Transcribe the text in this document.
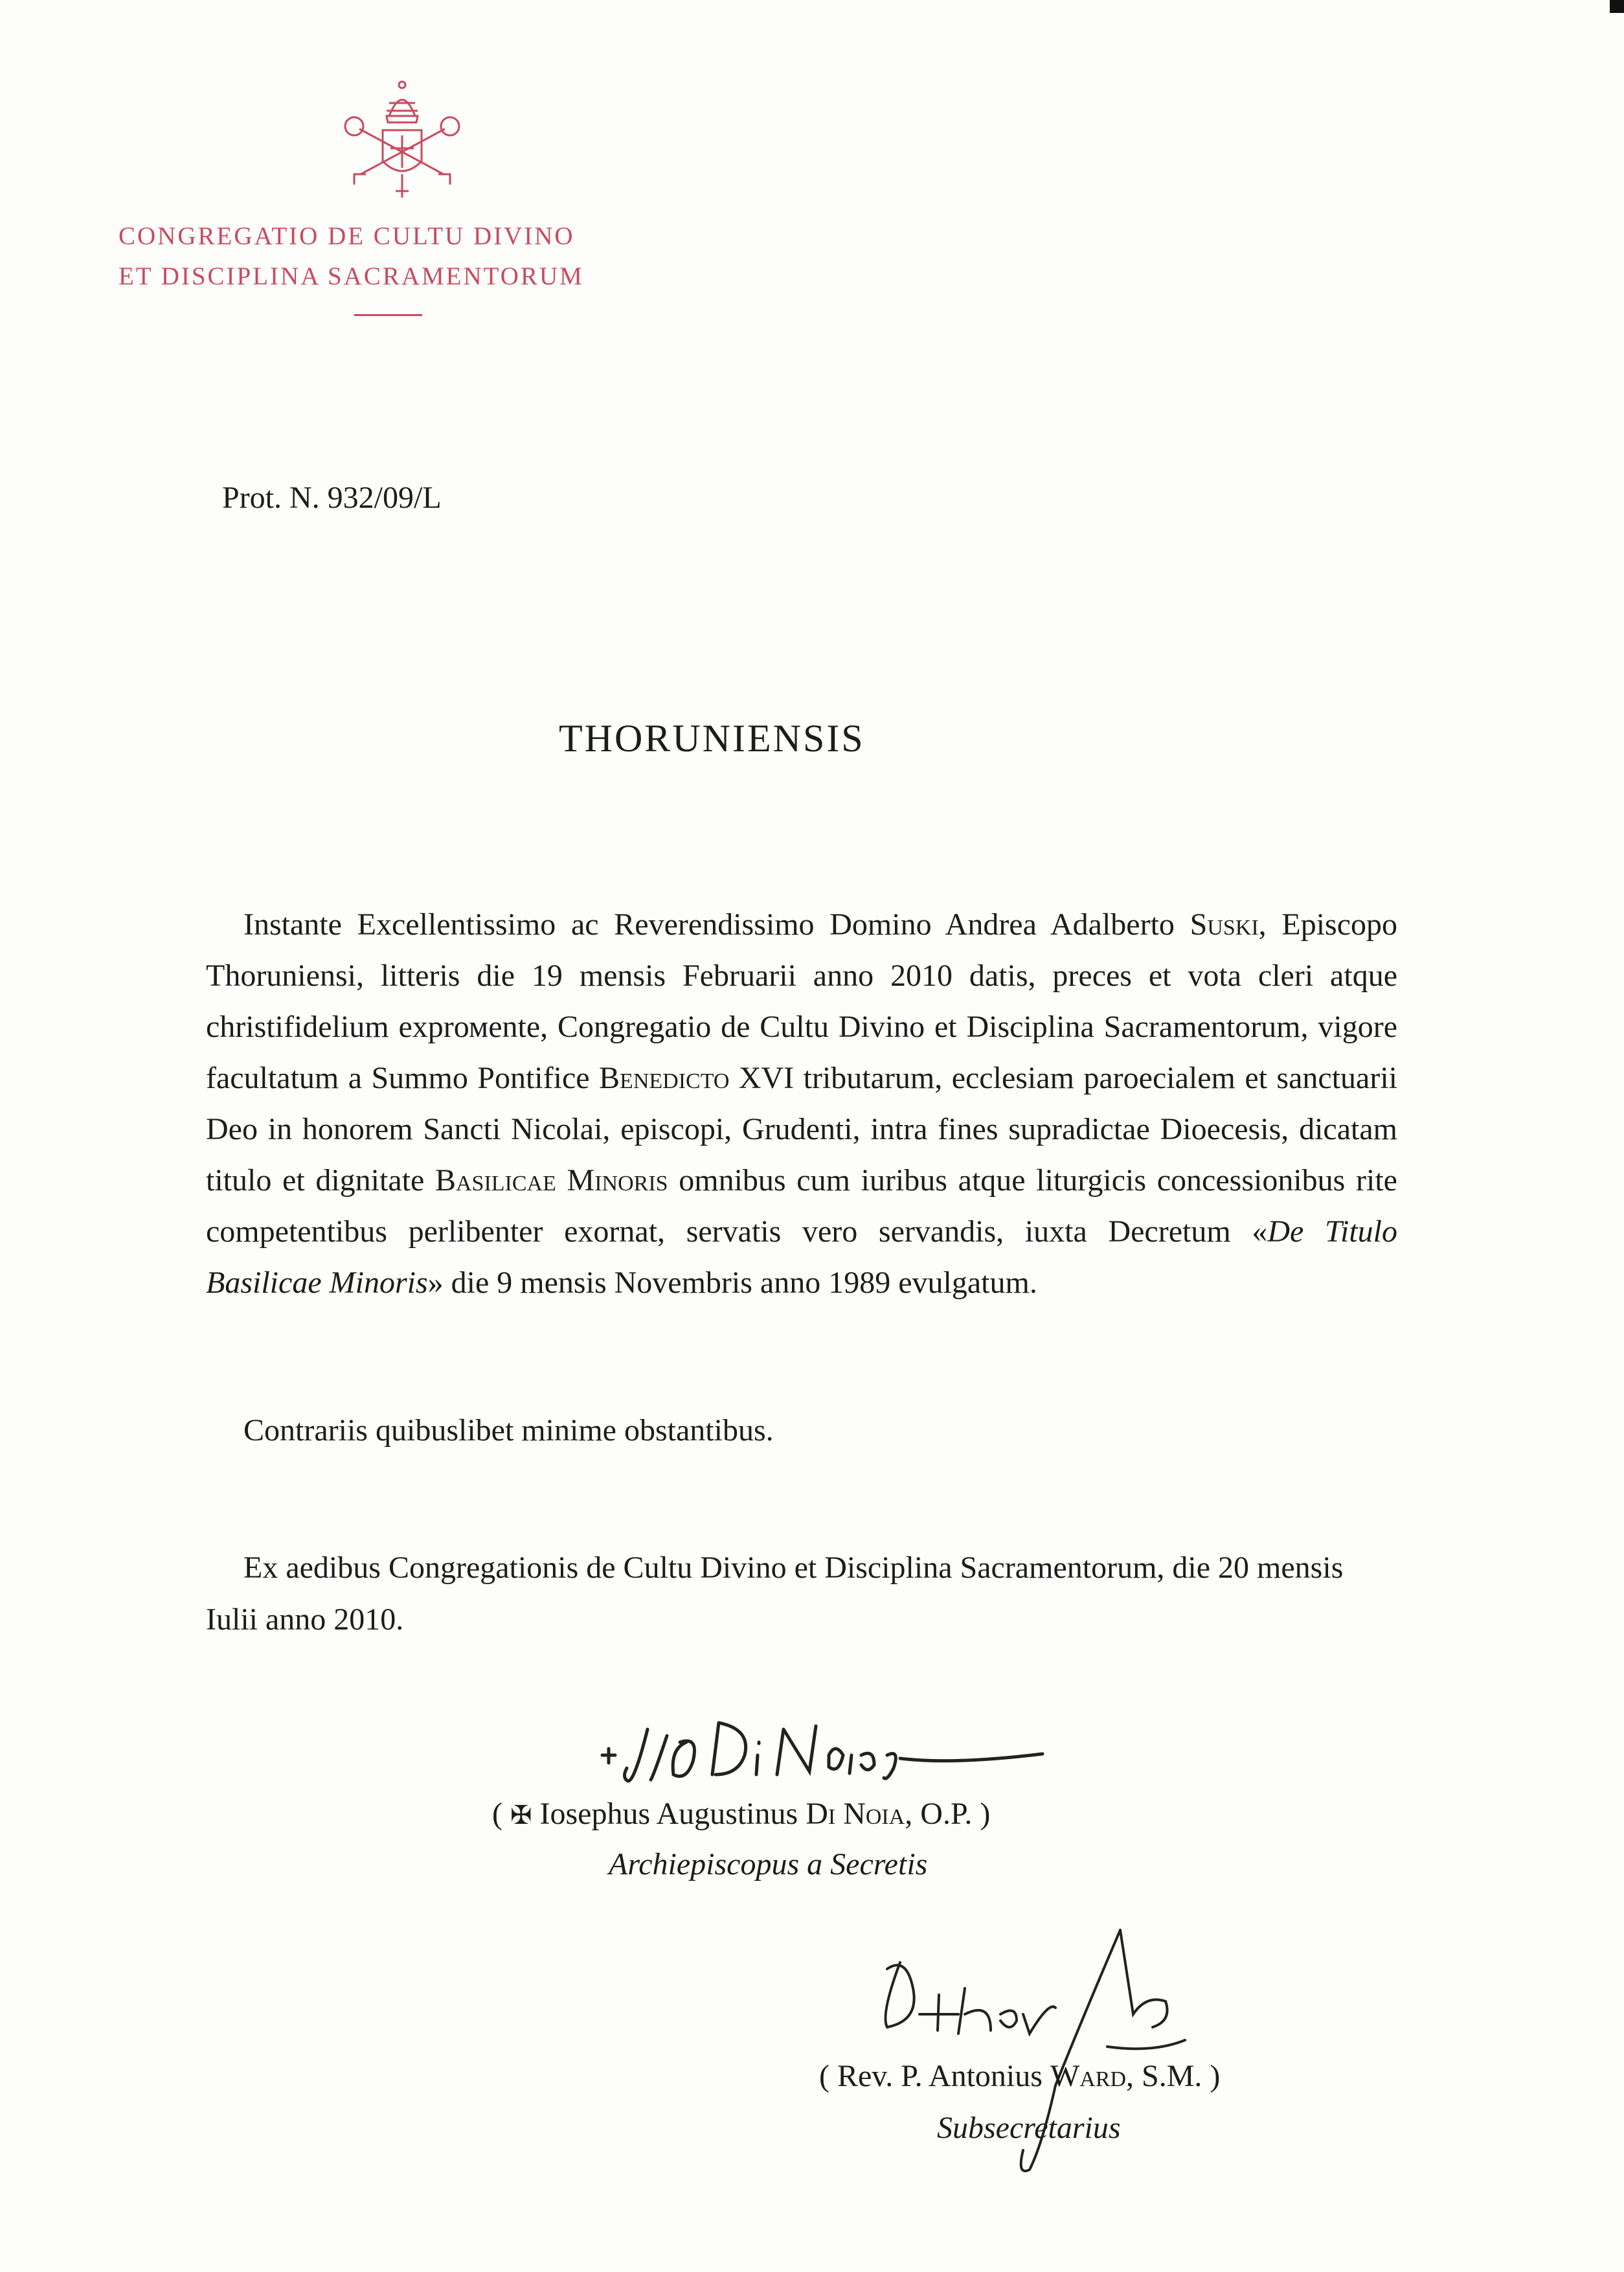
CONGREGATIO DE CULTU DIVINO
ET DISCIPLINA SACRAMENTORUM
Prot. N. 932/09/L
THORUNIENSIS

Instante Excellentissimo ac Reverendissimo Domino Andrea Adalberto Suski, Episcopo Thoruniensi, litteris die 19 mensis Februarii anno 2010 datis, preces et vota cleri atque christifidelium exprомente, Congregatio de Cultu Divino et Disciplina Sacramentorum, vigore facultatum a Summo Pontifice Benedicto XVI tributarum, ecclesiam paroecialem et sanctuarii Deo in honorem Sancti Nicolai, episcopi, Grudenti, intra fines supradictae Dioecesis, dicatam titulo et dignitate Basilicae Minoris omnibus cum iuribus atque liturgicis concessionibus rite competentibus perlibenter exornat, servatis vero servandis, iuxta Decretum «De Titulo Basilicae Minoris» die 9 mensis Novembris anno 1989 evulgatum.

Contrariis quibuslibet minime obstantibus.

Ex aedibus Congregationis de Cultu Divino et Disciplina Sacramentorum, die 20 mensis Iulii anno 2010.

( ✠ Iosephus Augustinus Di Noia, O.P. )
Archiepiscopus a Secretis
( Rev. P. Antonius Ward, S.M. )
Subsecretarius
